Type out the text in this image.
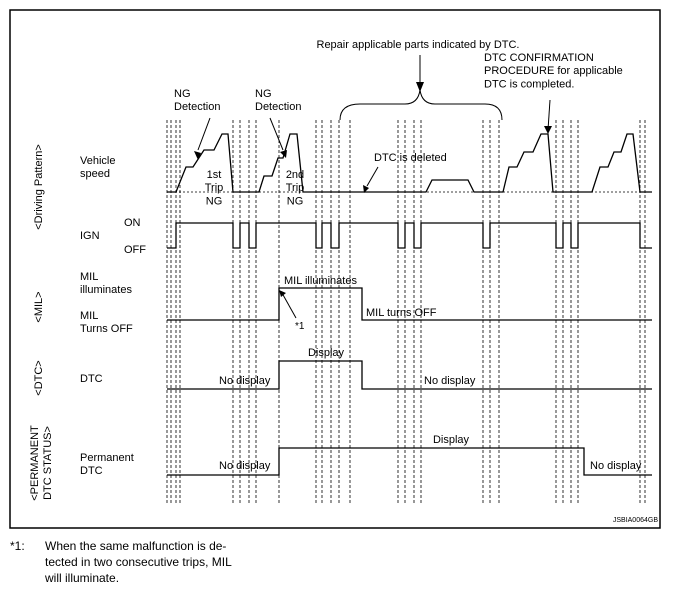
<Driving Pattern>
<MIL>
<DTC>
<PERMANENTDTC STATUS>
Vehicle speed
IGN
ON
OFF
MIL illuminates
MIL Turns OFF
DTC
Permanent DTC
Repair applicable parts indicated by DTC.
DTC CONFIRMATION PROCEDURE for applicable DTC is completed.
NG Detection
NG Detection
1st Trip NG
2nd Trip NG
DTC is deleted
MIL illuminates
MIL turns OFF
*1
Display
No display	No display
Display
No display	No display
JSBIA0064GB
*1:	When the same malfunction is de-
tected in two consecutive trips, MIL
will illuminate.
